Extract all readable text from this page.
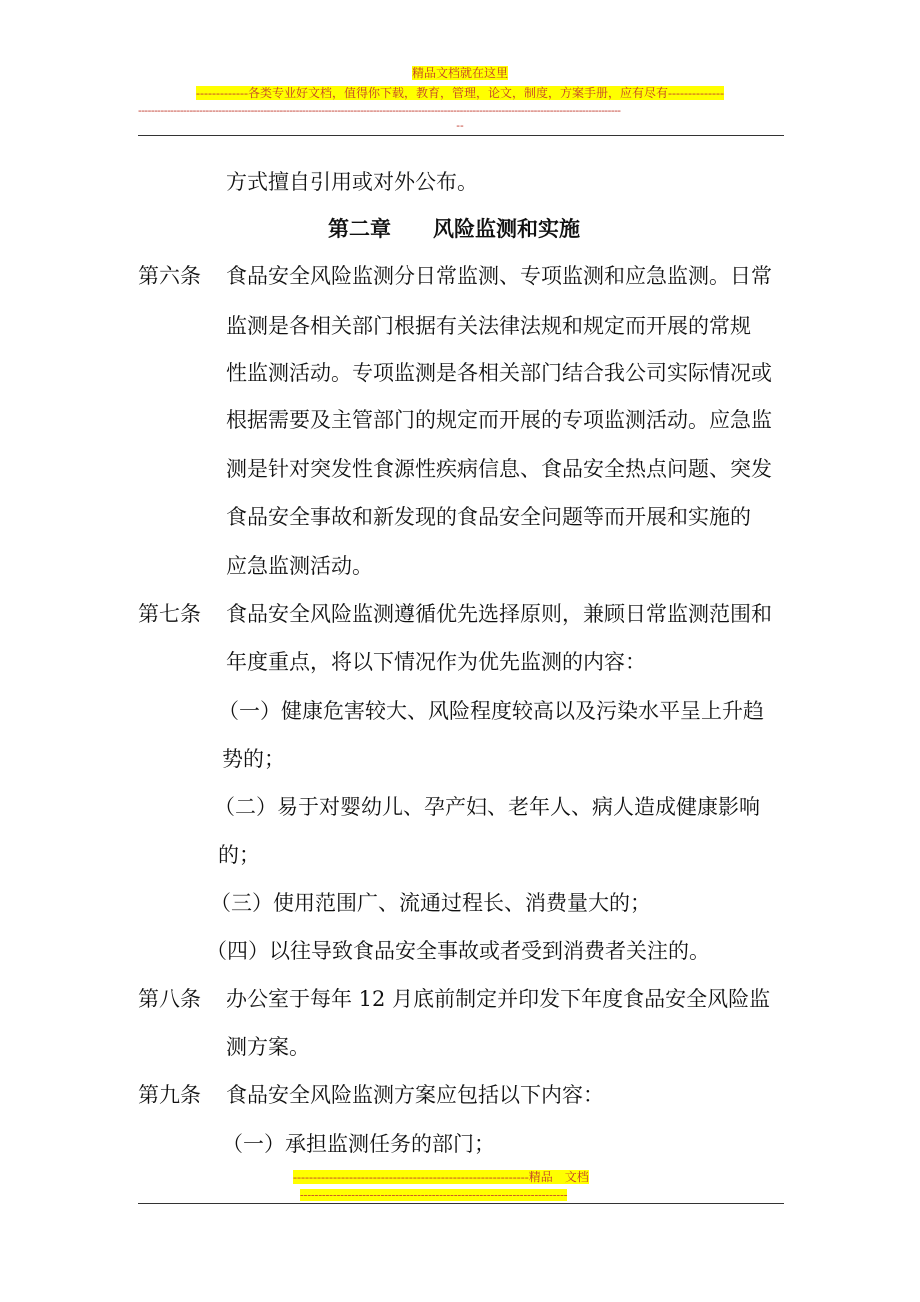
精品文档就在这里
-------------各类专业好文档，值得你下载，教育，管理，论文，制度，方案手册，应有尽有--------------
------------------------------------------------------------------------------------------------------------------------------------------------------
--
方式擅自引用或对外公布。
第二章　　风险监测和实施
第六条 食品安全风险监测分日常监测、专项监测和应急监测。日常
监测是各相关部门根据有关法律法规和规定而开展的常规
性监测活动。专项监测是各相关部门结合我公司实际情况或
根据需要及主管部门的规定而开展的专项监测活动。应急监
测是针对突发性食源性疾病信息、食品安全热点问题、突发
食品安全事故和新发现的食品安全问题等而开展和实施的
应急监测活动。
第七条 食品安全风险监测遵循优先选择原则，兼顾日常监测范围和
年度重点，将以下情况作为优先监测的内容：
（一）健康危害较大、风险程度较高以及污染水平呈上升趋
势的；
（二）易于对婴幼儿、孕产妇、老年人、病人造成健康影响
的；
（三）使用范围广、流通过程长、消费量大的；
（四）以往导致食品安全事故或者受到消费者关注的。
第八条 办公室于每年 12 月底前制定并印发下年度食品安全风险监
测方案。
第九条 食品安全风险监测方案应包括以下内容：
（一）承担监测任务的部门；
-----------------------------------------------------------精品　文档
-------------------------------------------------------------------------
